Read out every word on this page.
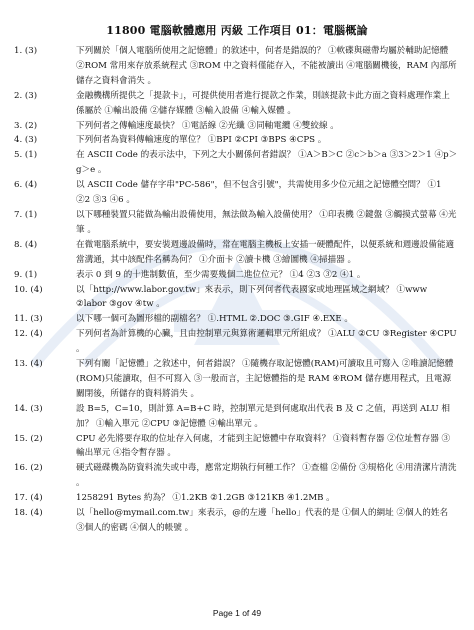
11800 電腦軟體應用 丙級 工作項目 01：電腦概論
1. (3)	下列關於「個人電腦所使用之記憶體」的敘述中，何者是錯誤的？ ①軟碟與磁帶均屬於輔助記憶體 ②ROM 常用來存放系統程式 ③ROM 中之資料僅能存入，不能被讀出 ④電腦關機後，RAM 內部所儲存之資料會消失 。
2. (3)	金融機構所提供之「提款卡」，可提供使用者進行提款之作業，則該提款卡此方面之資料處理作業上係屬於 ①輸出設備 ②儲存媒體 ③輸入設備 ④輸入媒體 。
3. (2)	下列何者之傳輸速度最快？ ①電話線 ②光纖 ③同軸電纜 ④雙絞線 。
4. (3)	下列何者為資料傳輸速度的單位？ ①BPI ②CPI ③BPS ④CPS 。
5. (1)	在 ASCII Code 的表示法中，下列之大小關係何者錯誤？ ①A＞B＞C ②c＞b＞a ③3＞2＞1 ④p＞g＞e 。
6. (4)	以 ASCII Code 儲存字串"PC-586"，但不包含引號"，共需使用多少位元組之記憶體空間？ ①1 ②2 ③3 ④6 。
7. (1)	以下哪種裝置只能做為輸出設備使用，無法做為輸入設備使用？ ①印表機 ②鍵盤 ③觸摸式螢幕 ④光筆 。
8. (4)	在微電腦系統中，要安裝週邊設備時，常在電腦主機板上安插一硬體配件，以便系統和週邊設備能適當溝通，其中該配件名稱為何？ ①介面卡 ②讀卡機 ③繪圖機 ④掃描器 。
9. (1)	表示 0 到 9 的十進制數值，至少需要幾個二進位位元？ ①4 ②3 ③2 ④1 。
10. (4)	以「http://www.labor.gov.tw」來表示，則下列何者代表國家或地理區域之網域？ ①www ②labor ③gov ④tw 。
11. (3)	以下哪一個可為圖形檔的副檔名？ ①.HTML ②.DOC ③.GIF ④.EXE 。
12. (4)	下列何者為計算機的心臟，且由控制單元與算術邏輯單元所組成？ ①ALU ②CU ③Register ④CPU 。
13. (4)	下列有關「記憶體」之敘述中，何者錯誤？ ①隨機存取記憶體(RAM)可讀取且可寫入 ②唯讀記憶體(ROM)只能讀取，但不可寫入 ③一般而言，主記憶體指的是 RAM ④ROM 儲存應用程式，且電源關閉後，所儲存的資料將消失 。
14. (3)	設 B=5，C=10，則計算 A=B+C 時，控制單元是到何處取出代表 B 及 C 之值，再送到 ALU 相加？ ①輸入單元 ②CPU ③記憶體 ④輸出單元 。
15. (2)	CPU 必先將要存取的位址存入何處，才能到主記憶體中存取資料？ ①資料暫存器 ②位址暫存器 ③輸出單元 ④指令暫存器 。
16. (2)	硬式磁碟機為防資料流失或中毒，應常定期執行何種工作？ ①查檔 ②備份 ③規格化 ④用清潔片清洗 。
17. (4)	1258291 Bytes 約為？ ①1.2KB ②1.2GB ③121KB ④1.2MB 。
18. (4)	以「hello@mymail.com.tw」來表示，@的左邊「hello」代表的是 ①個人的網址 ②個人的姓名 ③個人的密碼 ④個人的帳號 。
Page 1 of 49
